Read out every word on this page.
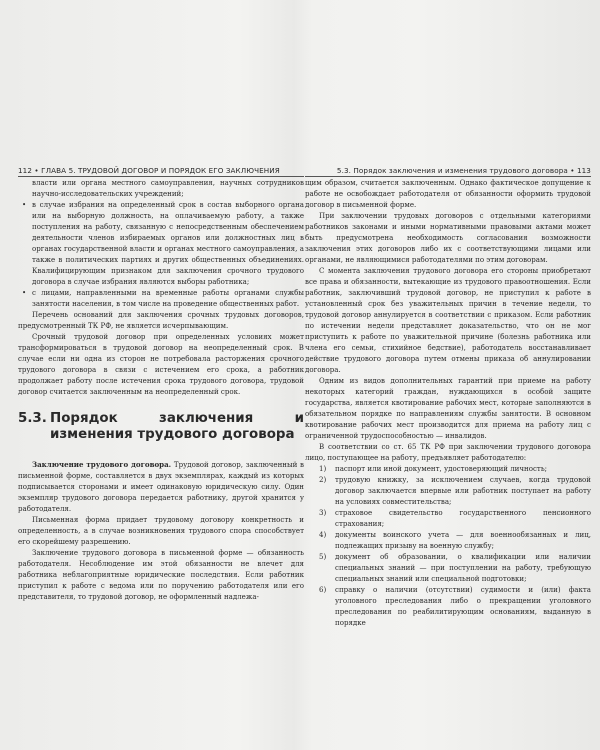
112 • ГЛАВА 5. ТРУДОВОЙ ДОГОВОР И ПОРЯДОК ЕГО ЗАКЛЮЧЕНИЯ
власти или органа местного самоуправления, научных сотрудников научно-исследовательских учреждений;
• в случае избрания на определенный срок в состав выборного органа или на выборную должность, на оплачиваемую работу, а также поступления на работу, связанную с непосредственным обеспечением деятельности членов избираемых органов или должностных лиц в органах государственной власти и органах местного самоуправления, а также в политических партиях и других общественных объединениях. Квалифицирующим признаком для заключения срочного трудового договора в случае избрания являются выборы работника;
• с лицами, направленными на временные работы органами службы занятости населения, в том числе на проведение общественных работ.

Перечень оснований для заключения срочных трудовых договоров, предусмотренный ТК РФ, не является исчерпывающим.

Срочный трудовой договор при определенных условиях может трансформироваться в трудовой договор на неопределенный срок. В случае если ни одна из сторон не потребовала расторжения срочного трудового договора в связи с истечением его срока, а работник продолжает работу после истечения срока трудового договора, трудовой договор считается заключенным на неопределенный срок.

5.3. Порядок заключения и изменения трудового договора

Заключение трудового договора. Трудовой договор, заключенный в письменной форме, составляется в двух экземплярах, каждый из которых подписывается сторонами и имеет одинаковую юридическую силу. Один экземпляр трудового договора передается работнику, другой хранится у работодателя.

Письменная форма придает трудовому договору конкретность и определенность, а в случае возникновения трудового спора способствует его скорейшему разрешению.

Заключение трудового договора в письменной форме — обязанность работодателя. Несоблюдение им этой обязанности не влечет для работника неблагоприятные юридические последствия. Если работник приступил к работе с ведома или по поручению работодателя или его представителя, то трудовой договор, не оформленный надлежа-

5.3. Порядок заключения и изменения трудового договора • 113

щим образом, считается заключенным. Однако фактическое допущение к работе не освобождает работодателя от обязанности оформить трудовой договор в письменной форме.

При заключении трудовых договоров с отдельными категориями работников законами и иными нормативными правовыми актами может быть предусмотрена необходимость согласования возможности заключения этих договоров либо их с соответствующими лицами или органами, не являющимися работодателями по этим договорам.

С момента заключения трудового договора его стороны приобретают все права и обязанности, вытекающие из трудового правоотношения. Если работник, заключивший трудовой договор, не приступил к работе в установленный срок без уважительных причин в течение недели, то трудовой договор аннулируется в соответствии с приказом. Если работник по истечении недели представляет доказательство, что он не мог приступить к работе по уважительной причине (болезнь работника или члена его семьи, стихийное бедствие), работодатель восстанавливает действие трудового договора путем отмены приказа об аннулировании договора.

Одним из видов дополнительных гарантий при приеме на работу некоторых категорий граждан, нуждающихся в особой защите государства, является квотирование рабочих мест, которые заполняются в обязательном порядке по направлениям службы занятости. В основном квотирование рабочих мест производится для приема на работу лиц с ограниченной трудоспособностью — инвалидов.

В соответствии со ст. 65 ТК РФ при заключении трудового договора лицо, поступающее на работу, предъявляет работодателю:

1) паспорт или иной документ, удостоверяющий личность;
2) трудовую книжку, за исключением случаев, когда трудовой договор заключается впервые или работник поступает на работу на условиях совместительства;
3) страховое свидетельство государственного пенсионного страхования;
4) документы воинского учета — для военнообязанных и лиц, подлежащих призыву на военную службу;
5) документ об образовании, о квалификации или наличии специальных знаний — при поступлении на работу, требующую специальных знаний или специальной подготовки;
6) справку о наличии (отсутствии) судимости и (или) факта уголовного преследования либо о прекращении уголовного преследования по реабилитирующим основаниям, выданную в порядке
